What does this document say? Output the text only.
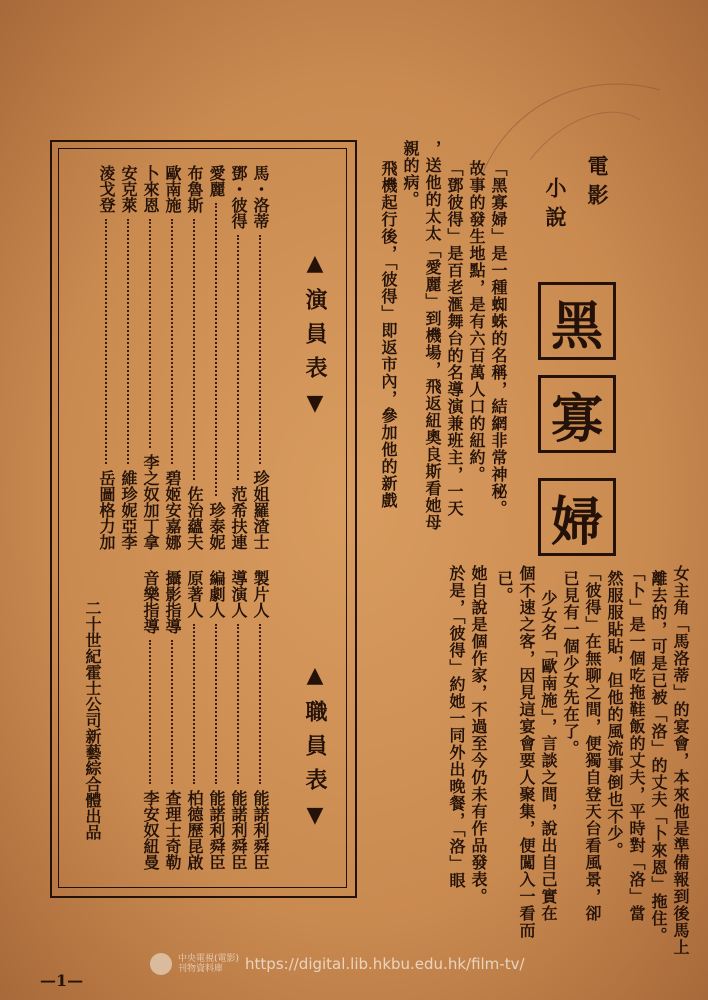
電影
小說
黑
寡
婦
「黑寡婦」是一種蜘蛛的名稱，結網非常神秘。
故事的發生地點，是有六百萬人口的紐約。
「鄧彼得」是百老滙舞台的名導演兼班主，一天
，送他的太太「愛麗」到機場，飛返紐奧良斯看她母
親的病。
飛機起行後，「彼得」即返市內，參加他的新戲
女主角「馬洛蒂」的宴會，本來他是準備報到後馬上
離去的，可是已被「洛」的丈夫「卜來恩」拖住。
「卜」是一個吃拖鞋飯的丈夫，平時對「洛」當
然服服貼貼，但他的風流事倒也不少。
「彼得」在無聊之間，便獨自登天台看風景，卻
已見有一個少女先在了。
少女名「歐南施」，言談之間，說出自己實在
個不速之客，因見這宴會要人聚集，便闖入一看而
已。
她自說是個作家，不過至今仍未有作品發表。
於是，「彼得」約她一同外出晚餐，「洛」眼
▲演員表▼
▲職員表▼
馬・洛蒂
珍姐羅渣士
鄧・彼得
范希扶連
愛麗
珍泰妮
布魯斯
佐治蘊夫
歐南施
碧姬安嘉娜
卜來恩
李之奴加丁拿
安克萊
維珍妮亞李
淩戈登
岳圖格力加
製片人
能諾利舜臣
導演人
能諾利舜臣
編劇人
能諾利舜臣
原著人
柏德歷昆啟
攝影指導
查理士奇勒
音樂指導
李安奴紐曼
二十世紀霍士公司新藝綜合體出品
—1—
中央電視(電影)
刊物資料庫	https://digital.lib.hkbu.edu.hk/film-tv/
